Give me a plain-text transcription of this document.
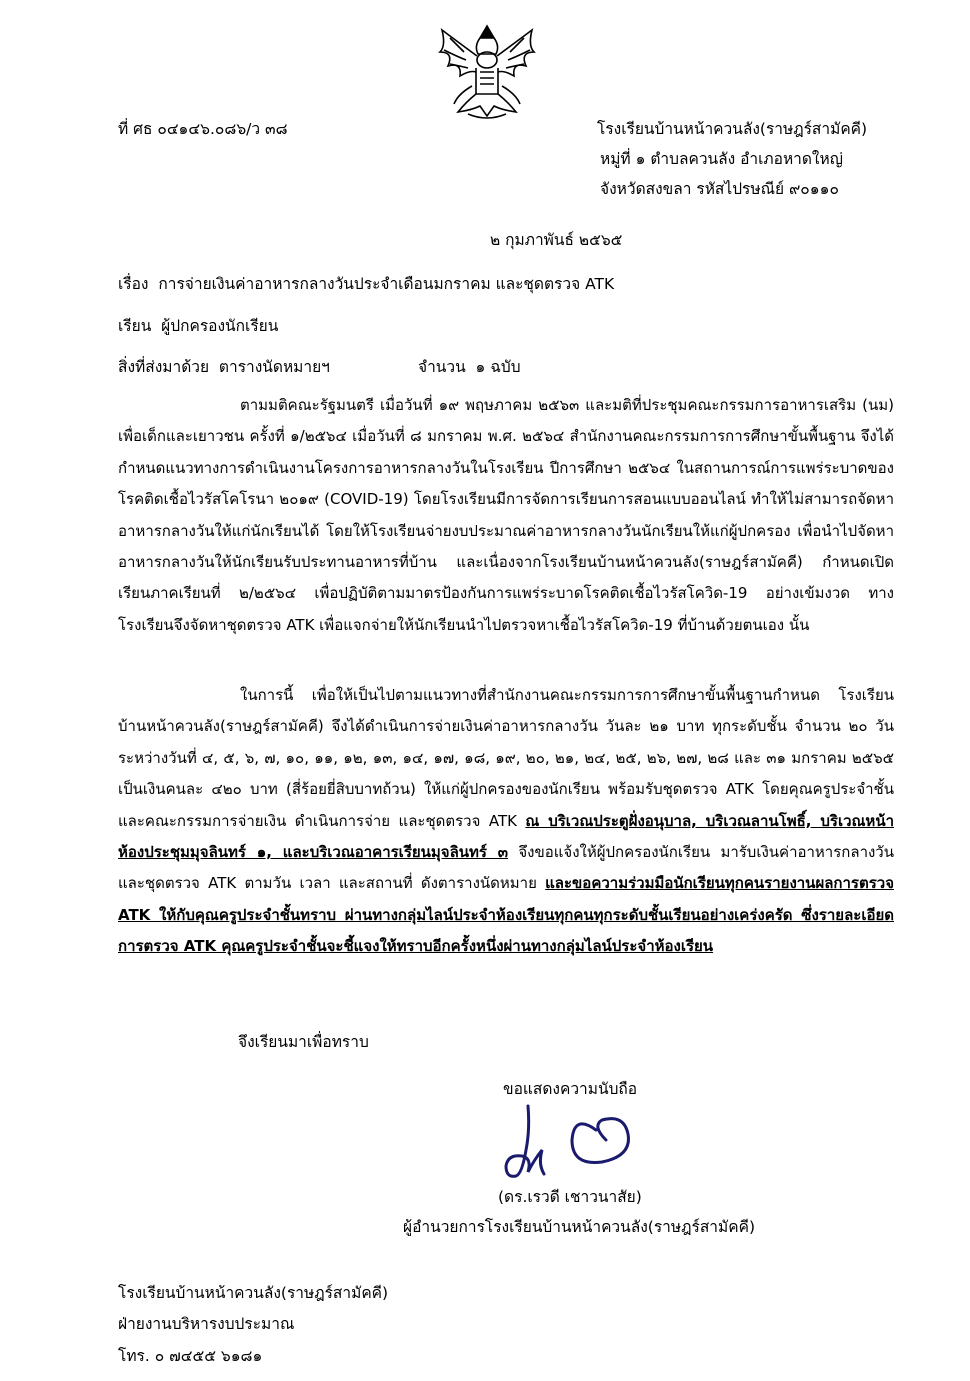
ที่ ศธ ๐๔๑๔๖.๐๘๖/ว ๓๘	โรงเรียนบ้านหน้าควนลัง(ราษฎร์สามัคคี)
หมู่ที่ ๑ ตำบลควนลัง อำเภอหาดใหญ่
จังหวัดสงขลา รหัสไปรษณีย์ ๙๐๑๑๐
๒ กุมภาพันธ์ ๒๕๖๕
เรื่อง การจ่ายเงินค่าอาหารกลางวันประจำเดือนมกราคม และชุดตรวจ ATK
เรียน ผู้ปกครองนักเรียน
สิ่งที่ส่งมาด้วย ตารางนัดหมายฯ	จำนวน ๑ ฉบับ

ตามมติคณะรัฐมนตรี เมื่อวันที่ ๑๙ พฤษภาคม ๒๕๖๓ และมติที่ประชุมคณะกรรมการอาหารเสริม (นม) เพื่อเด็กและเยาวชน ครั้งที่ ๑/๒๕๖๔ เมื่อวันที่ ๘ มกราคม พ.ศ. ๒๕๖๔ สำนักงานคณะกรรมการการศึกษาขั้นพื้นฐาน จึงได้กำหนดแนวทางการดำเนินงานโครงการอาหารกลางวันในโรงเรียน ปีการศึกษา ๒๕๖๔ ในสถานการณ์การแพร่ระบาดของโรคติดเชื้อไวรัสโคโรนา ๒๐๑๙ (COVID-19) โดยโรงเรียนมีการจัดการเรียนการสอนแบบออนไลน์ ทำให้ไม่สามารถจัดหาอาหารกลางวันให้แก่นักเรียนได้ โดยให้โรงเรียนจ่ายงบประมาณค่าอาหารกลางวันนักเรียนให้แก่ผู้ปกครอง เพื่อนำไปจัดหาอาหารกลางวันให้นักเรียนรับประทานอาหารที่บ้าน และเนื่องจากโรงเรียนบ้านหน้าควนลัง(ราษฎร์สามัคคี) กำหนดเปิดเรียนภาคเรียนที่ ๒/๒๕๖๔ เพื่อปฏิบัติตามมาตรป้องกันการแพร่ระบาดโรคติดเชื้อไวรัสโควิด-19 อย่างเข้มงวด ทางโรงเรียนจึงจัดหาชุดตรวจ ATK เพื่อแจกจ่ายให้นักเรียนนำไปตรวจหาเชื้อไวรัสโควิด-19 ที่บ้านด้วยตนเอง นั้น

ในการนี้ เพื่อให้เป็นไปตามแนวทางที่สำนักงานคณะกรรมการการศึกษาขั้นพื้นฐานกำหนด โรงเรียนบ้านหน้าควนลัง(ราษฎร์สามัคคี) จึงได้ดำเนินการจ่ายเงินค่าอาหารกลางวัน วันละ ๒๑ บาท ทุกระดับชั้น จำนวน ๒๐ วัน ระหว่างวันที่ ๔, ๕, ๖, ๗, ๑๐, ๑๑, ๑๒, ๑๓, ๑๔, ๑๗, ๑๘, ๑๙, ๒๐, ๒๑, ๒๔, ๒๕, ๒๖, ๒๗, ๒๘ และ ๓๑ มกราคม ๒๕๖๕ เป็นเงินคนละ ๔๒๐ บาท (สี่ร้อยยี่สิบบาทถ้วน) ให้แก่ผู้ปกครองของนักเรียน พร้อมรับชุดตรวจ ATK โดยคุณครูประจำชั้น และคณะกรรมการจ่ายเงิน ดำเนินการจ่าย และชุดตรวจ ATK ณ บริเวณประตูฝั่งอนุบาล, บริเวณลานโพธิ์, บริเวณหน้าห้องประชุมมุจลินทร์ ๑, และบริเวณอาคารเรียนมุจลินทร์ ๓ จึงขอแจ้งให้ผู้ปกครองนักเรียน มารับเงินค่าอาหารกลางวัน และชุดตรวจ ATK ตามวัน เวลา และสถานที่ ดังตารางนัดหมาย และขอความร่วมมือนักเรียนทุกคนรายงานผลการตรวจ ATK ให้กับคุณครูประจำชั้นทราบ ผ่านทางกลุ่มไลน์ประจำห้องเรียนทุกคนทุกระดับชั้นเรียนอย่างเคร่งครัด ซึ่งรายละเอียดการตรวจ ATK คุณครูประจำชั้นจะชี้แจงให้ทราบอีกครั้งหนึ่งผ่านทางกลุ่มไลน์ประจำห้องเรียน

จึงเรียนมาเพื่อทราบ
ขอแสดงความนับถือ
(ดร.เรวดี เชาวนาสัย)
ผู้อำนวยการโรงเรียนบ้านหน้าควนลัง(ราษฎร์สามัคคี)
โรงเรียนบ้านหน้าควนลัง(ราษฎร์สามัคคี)
ฝ่ายงานบริหารงบประมาณ
โทร. ๐ ๗๔๕๕ ๖๑๘๑
